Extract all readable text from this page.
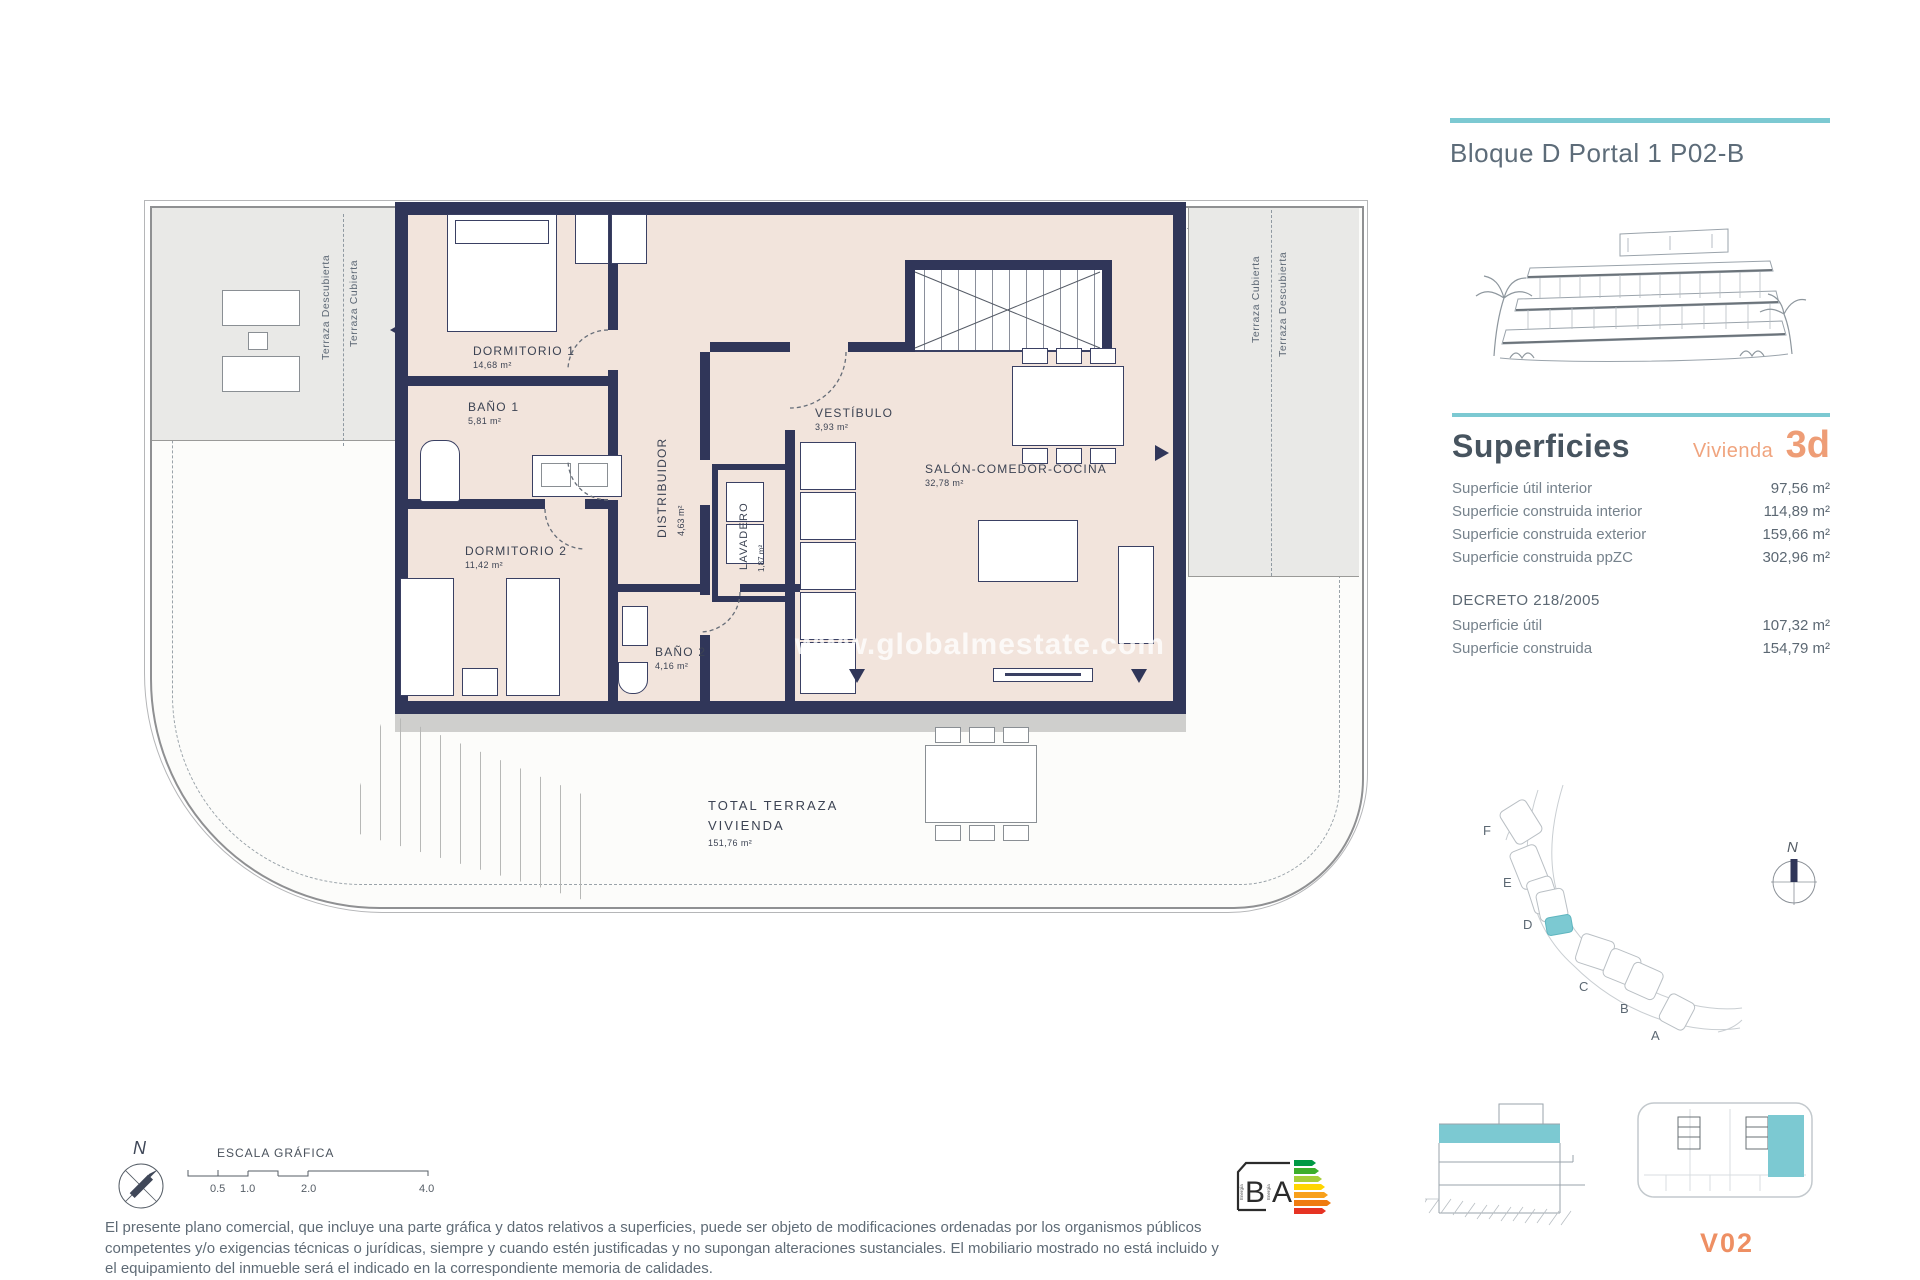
Terraza Descubierta Terraza Cubierta	Terraza Cubierta Terraza Descubierta
DORMITORIO 1
14,68 m²
BAÑO 1
5,81 m²
DISTRIBUIDOR 4,63 m²
VESTÍBULO
3,93 m²
SALÓN-COMEDOR-COCINA
32,78 m²
LAVADERO 1,87 m²
DORMITORIO 2
11,42 m²
BAÑO 2
4,16 m²
TOTAL TERRAZA
VIVIENDA
151,76 m²
www.globalmestate.com
Bloque D Portal 1 P02-B
Superficies	Vivienda 3d
Superficie útil interior	97,56 m²
Superficie construida interior	114,89 m²
Superficie construida exterior	159,66 m²
Superficie construida ppZC	302,96 m²
DECRETO 218/2005
Superficie útil	107,32 m²
Superficie construida	154,79 m²
F
E
D
C
B
A
N
V02
B A
Energía	Energía
N	ESCALA GRÁFICA
0.5 1.0	2.0	4.0
El presente plano comercial, que incluye una parte gráfica y datos relativos a superficies, puede ser objeto de modificaciones ordenadas por los organismos públicos competentes y/o exigencias técnicas o jurídicas, siempre y cuando estén justificadas y no supongan alteraciones sustanciales. El mobiliario mostrado no está incluido y el equipamiento del inmueble será el indicado en la correspondiente memoria de calidades.
